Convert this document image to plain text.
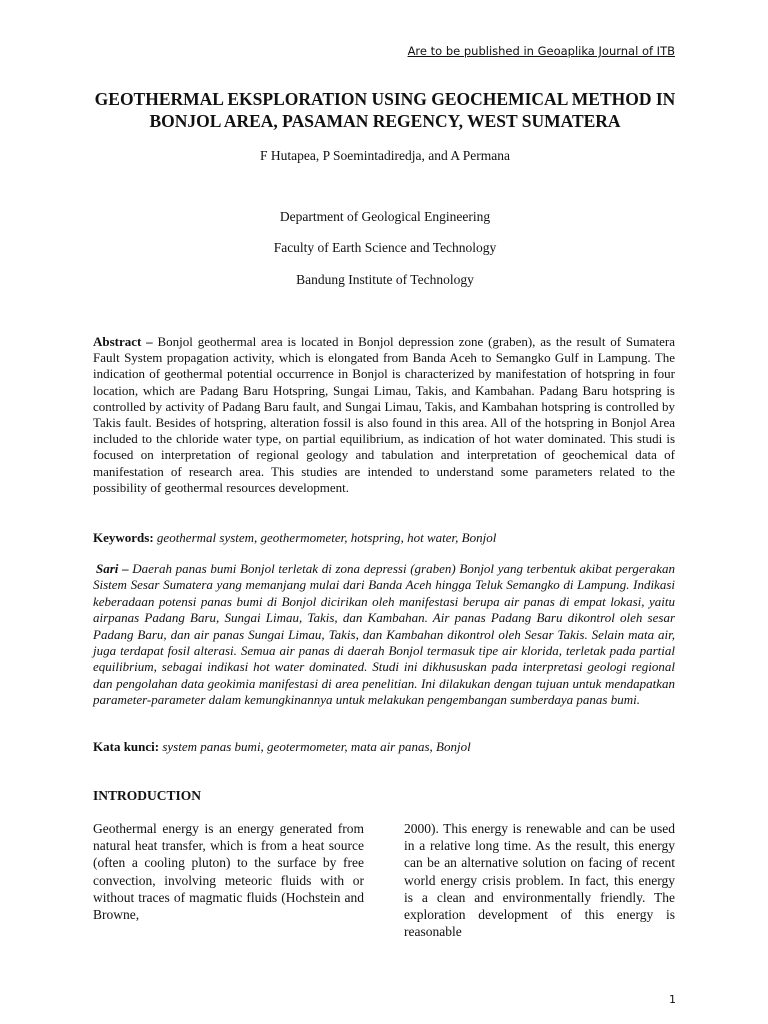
Are to be published in Geoaplika Journal of ITB
GEOTHERMAL EKSPLORATION USING GEOCHEMICAL METHOD IN BONJOL AREA, PASAMAN REGENCY, WEST SUMATERA
F Hutapea, P Soemintadiredja, and A Permana
Department of Geological Engineering
Faculty of Earth Science and Technology
Bandung Institute of Technology

Abstract – Bonjol geothermal area is located in Bonjol depression zone (graben), as the result of Sumatera Fault System propagation activity, which is elongated from Banda Aceh to Semangko Gulf in Lampung. The indication of geothermal potential occurrence in Bonjol is characterized by manifestation of hotspring in four location, which are Padang Baru Hotspring, Sungai Limau, Takis, and Kambahan. Padang Baru hotspring is controlled by activity of Padang Baru fault, and Sungai Limau, Takis, and Kambahan hotspring is controlled by Takis fault. Besides of hotspring, alteration fossil is also found in this area. All of the hotspring in Bonjol Area included to the chloride water type, on partial equilibrium, as indication of hot water dominated. This studi is focused on interpretation of regional geology and tabulation and interpretation of geochemical data of manifestation of research area. This studies are intended to understand some parameters related to the possibility of geothermal resources development.

Keywords: geothermal system, geothermometer, hotspring, hot water, Bonjol

Sari – Daerah panas bumi Bonjol terletak di zona depressi (graben) Bonjol yang terbentuk akibat pergerakan Sistem Sesar Sumatera yang memanjang mulai dari Banda Aceh hingga Teluk Semangko di Lampung. Indikasi keberadaan potensi panas bumi di Bonjol dicirikan oleh manifestasi berupa air panas di empat lokasi, yaitu airpanas Padang Baru, Sungai Limau, Takis, dan Kambahan. Air panas Padang Baru dikontrol oleh sesar Padang Baru, dan air panas Sungai Limau, Takis, dan Kambahan dikontrol oleh Sesar Takis. Selain mata air, juga terdapat fosil alterasi. Semua air panas di daerah Bonjol termasuk tipe air klorida, terletak pada partial equilibrium, sebagai indikasi hot water dominated. Studi ini dikhususkan pada interpretasi geologi regional dan pengolahan data geokimia manifestasi di area penelitian. Ini dilakukan dengan tujuan untuk mendapatkan parameter-parameter dalam kemungkinannya untuk melakukan pengembangan sumberdaya panas bumi.

Kata kunci: system panas bumi, geotermometer, mata air panas, Bonjol

INTRODUCTION

Geothermal energy is an energy generated from natural heat transfer, which is from a heat source (often a cooling pluton) to the surface by free convection, involving meteoric fluids with or without traces of magmatic fluids (Hochstein and Browne,

2000). This energy is renewable and can be used in a relative long time. As the result, this energy can be an alternative solution on facing of recent world energy crisis problem. In fact, this energy is a clean and environmentally friendly. The exploration development of this energy is reasonable

1
